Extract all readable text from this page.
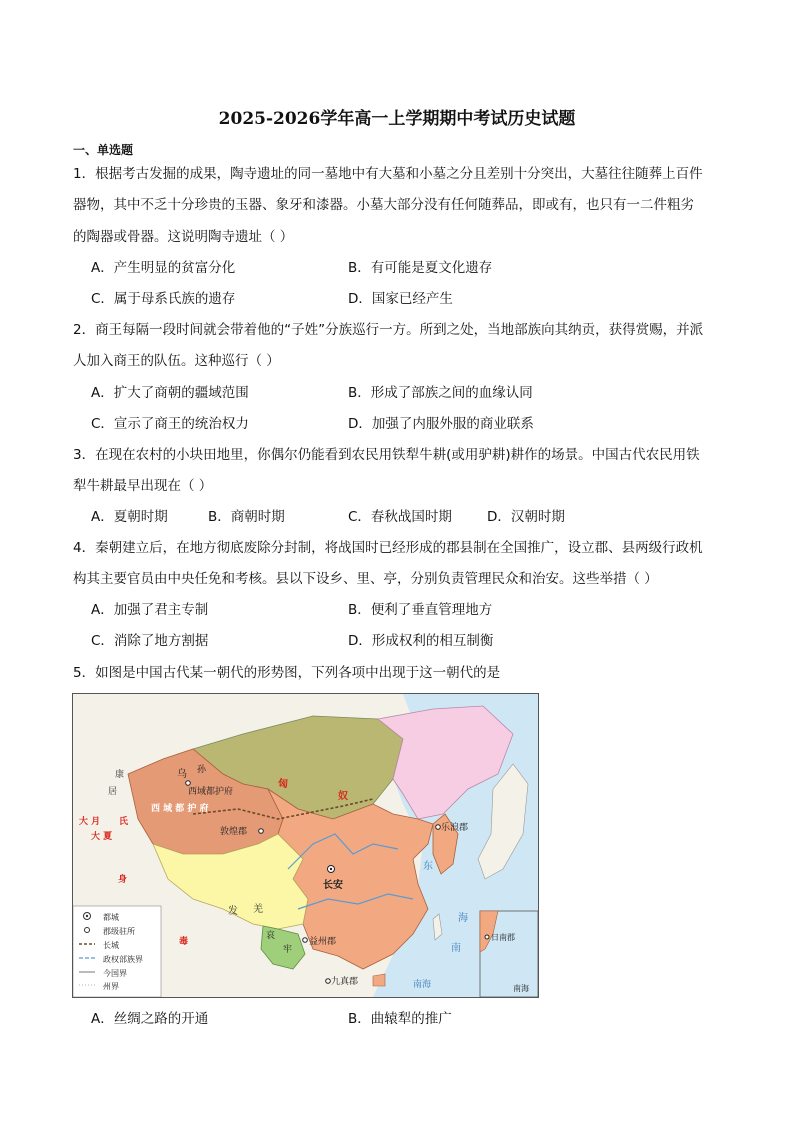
2025-2026学年高一上学期期中考试历史试题
一、单选题
1．根据考古发掘的成果，陶寺遗址的同一墓地中有大墓和小墓之分且差别十分突出，大墓往往随葬上百件
器物，其中不乏十分珍贵的玉器、象牙和漆器。小墓大部分没有任何随葬品，即或有，也只有一二件粗劣
的陶器或骨器。这说明陶寺遗址（ ）
A．产生明显的贫富分化	B．有可能是夏文化遗存
C．属于母系氏族的遗存	D．国家已经产生
2．商王每隔一段时间就会带着他的“子姓”分族巡行一方。所到之处，当地部族向其纳贡，获得赏赐，并派
人加入商王的队伍。这种巡行（ ）
A．扩大了商朝的疆域范围	B．形成了部族之间的血缘认同
C．宣示了商王的统治权力	D．加强了内服外服的商业联系
3．在现在农村的小块田地里，你偶尔仍能看到农民用铁犁牛耕(或用驴耕)耕作的场景。中国古代农民用铁
犁牛耕最早出现在（ ）
A．夏朝时期	B．商朝时期	C．春秋战国时期	D．汉朝时期
4．秦朝建立后，在地方彻底废除分封制，将战国时已经形成的郡县制在全国推广，设立郡、县两级行政机
构其主要官员由中央任免和考核。县以下设乡、里、亭，分别负责管理民众和治安。这些举措（ ）
A．加强了君主专制	B．便利了垂直管理地方
C．消除了地方割据	D．形成权利的相互制衡
5．如图是中国古代某一朝代的形势图，下列各项中出现于这一朝代的是
都城
郡级驻所
长城
政权部族界
今国界
州界
康
居
乌 孙
西域都护府
西 域 都 护 府
大 月 氏
大 夏	敦煌郡
匈
奴
乐浪郡
长安
发 羌
身
毒
哀
牢
益州郡
九真郡
东
海
南
南海
日南郡
南海
A．丝绸之路的开通	B．曲辕犁的推广
